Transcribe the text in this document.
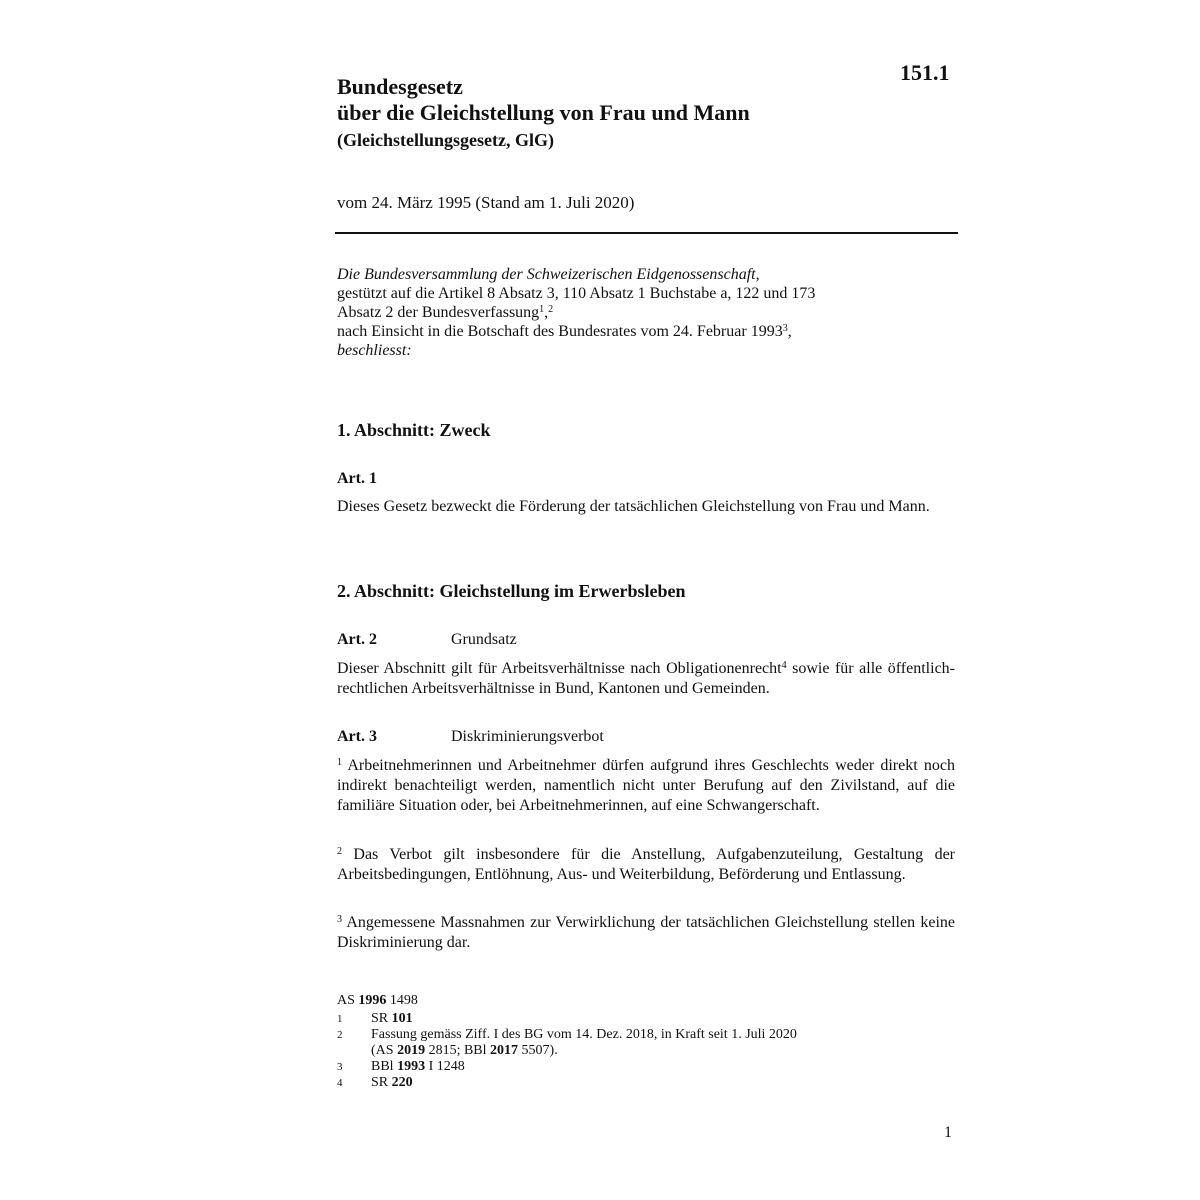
151.1
Bundesgesetz
über die Gleichstellung von Frau und Mann
(Gleichstellungsgesetz, GlG)
vom 24. März 1995 (Stand am 1. Juli 2020)
Die Bundesversammlung der Schweizerischen Eidgenossenschaft,
gestützt auf die Artikel 8 Absatz 3, 110 Absatz 1 Buchstabe a, 122 und 173
Absatz 2 der Bundesverfassung$^1$,$^2$
nach Einsicht in die Botschaft des Bundesrates vom 24. Februar 1993$^3$,
beschliesst:
1. Abschnitt: Zweck
Art. 1
Dieses Gesetz bezweckt die Förderung der tatsächlichen Gleichstellung von Frau und Mann.
2. Abschnitt: Gleichstellung im Erwerbsleben
Art. 2	Grundsatz
Dieser Abschnitt gilt für Arbeitsverhältnisse nach Obligationenrecht$^4$ sowie für alle öffentlich-rechtlichen Arbeitsverhältnisse in Bund, Kantonen und Gemeinden.
Art. 3	Diskriminierungsverbot
$^1$ Arbeitnehmerinnen und Arbeitnehmer dürfen aufgrund ihres Geschlechts weder direkt noch indirekt benachteiligt werden, namentlich nicht unter Berufung auf den Zivilstand, auf die familiäre Situation oder, bei Arbeitnehmerinnen, auf eine Schwangerschaft.
$^2$ Das Verbot gilt insbesondere für die Anstellung, Aufgabenzuteilung, Gestaltung der Arbeitsbedingungen, Entlöhnung, Aus- und Weiterbildung, Beförderung und Entlassung.
$^3$ Angemessene Massnahmen zur Verwirklichung der tatsächlichen Gleichstellung stellen keine Diskriminierung dar.
AS 1996 1498
1	SR 101
2	Fassung gemäss Ziff. I des BG vom 14. Dez. 2018, in Kraft seit 1. Juli 2020
(AS 2019 2815; BBl 2017 5507).
3	BBl 1993 I 1248
4	SR 220
1
